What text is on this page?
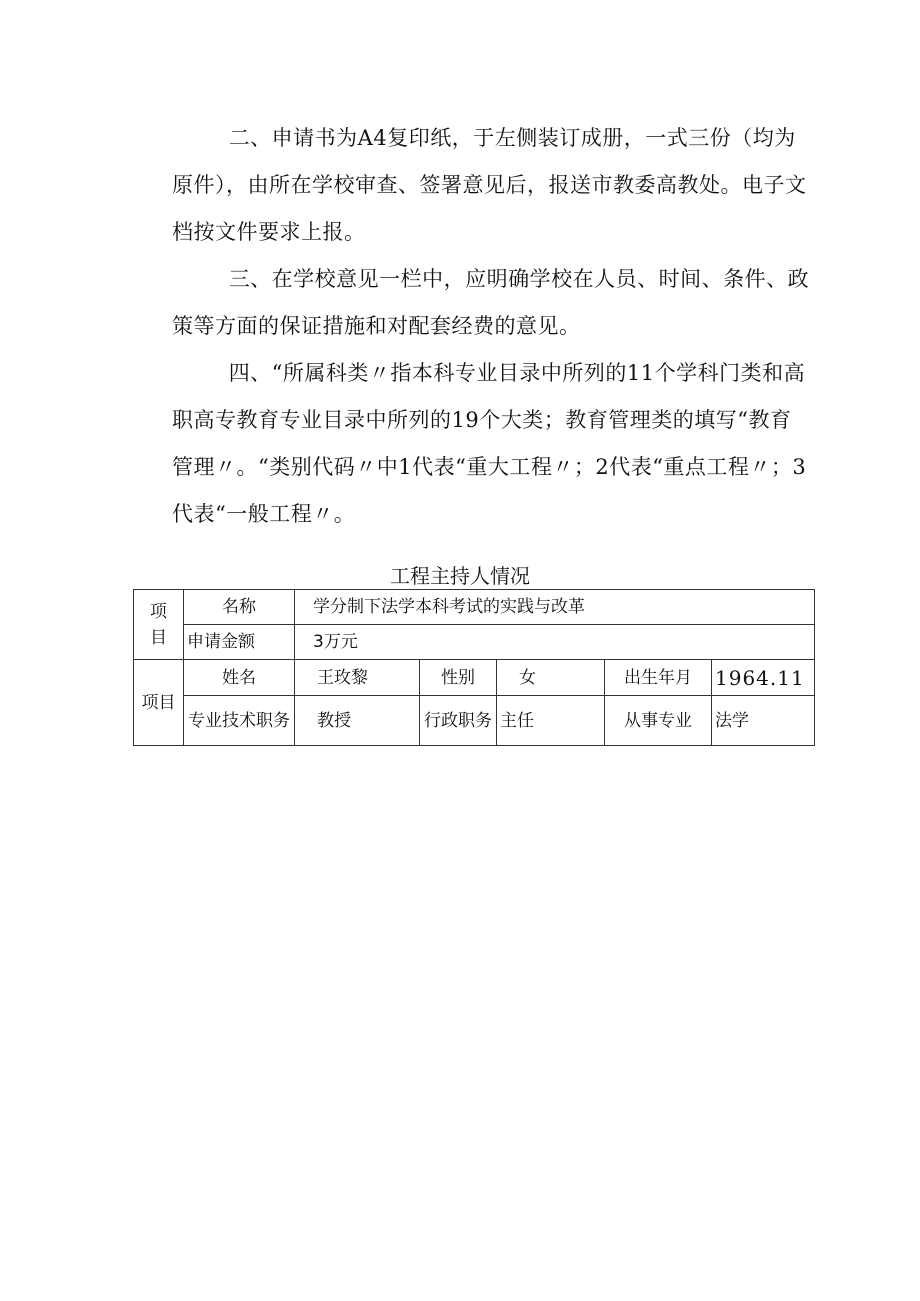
二、申请书为A4复印纸，于左侧装订成册，一式三份（均为原件），由所在学校审查、签署意见后，报送市教委高教处。电子文档按文件要求上报。

三、在学校意见一栏中，应明确学校在人员、时间、条件、政策等方面的保证措施和对配套经费的意见。

四、“所属科类〃指本科专业目录中所列的11个学科门类和高职高专教育专业目录中所列的19个大类；教育管理类的填写“教育管理〃。“类别代码〃中1代表“重大工程〃；2代表“重点工程〃；3代表“一般工程〃。

工程主持人情况
项目	名称	学分制下法学本科考试的实践与改革				
	申请金额	3万元				
项目	姓名	王玫黎	性别	女	出生年月	1964.11
	专业技术职务	教授	行政职务	主任	从事专业	法学
